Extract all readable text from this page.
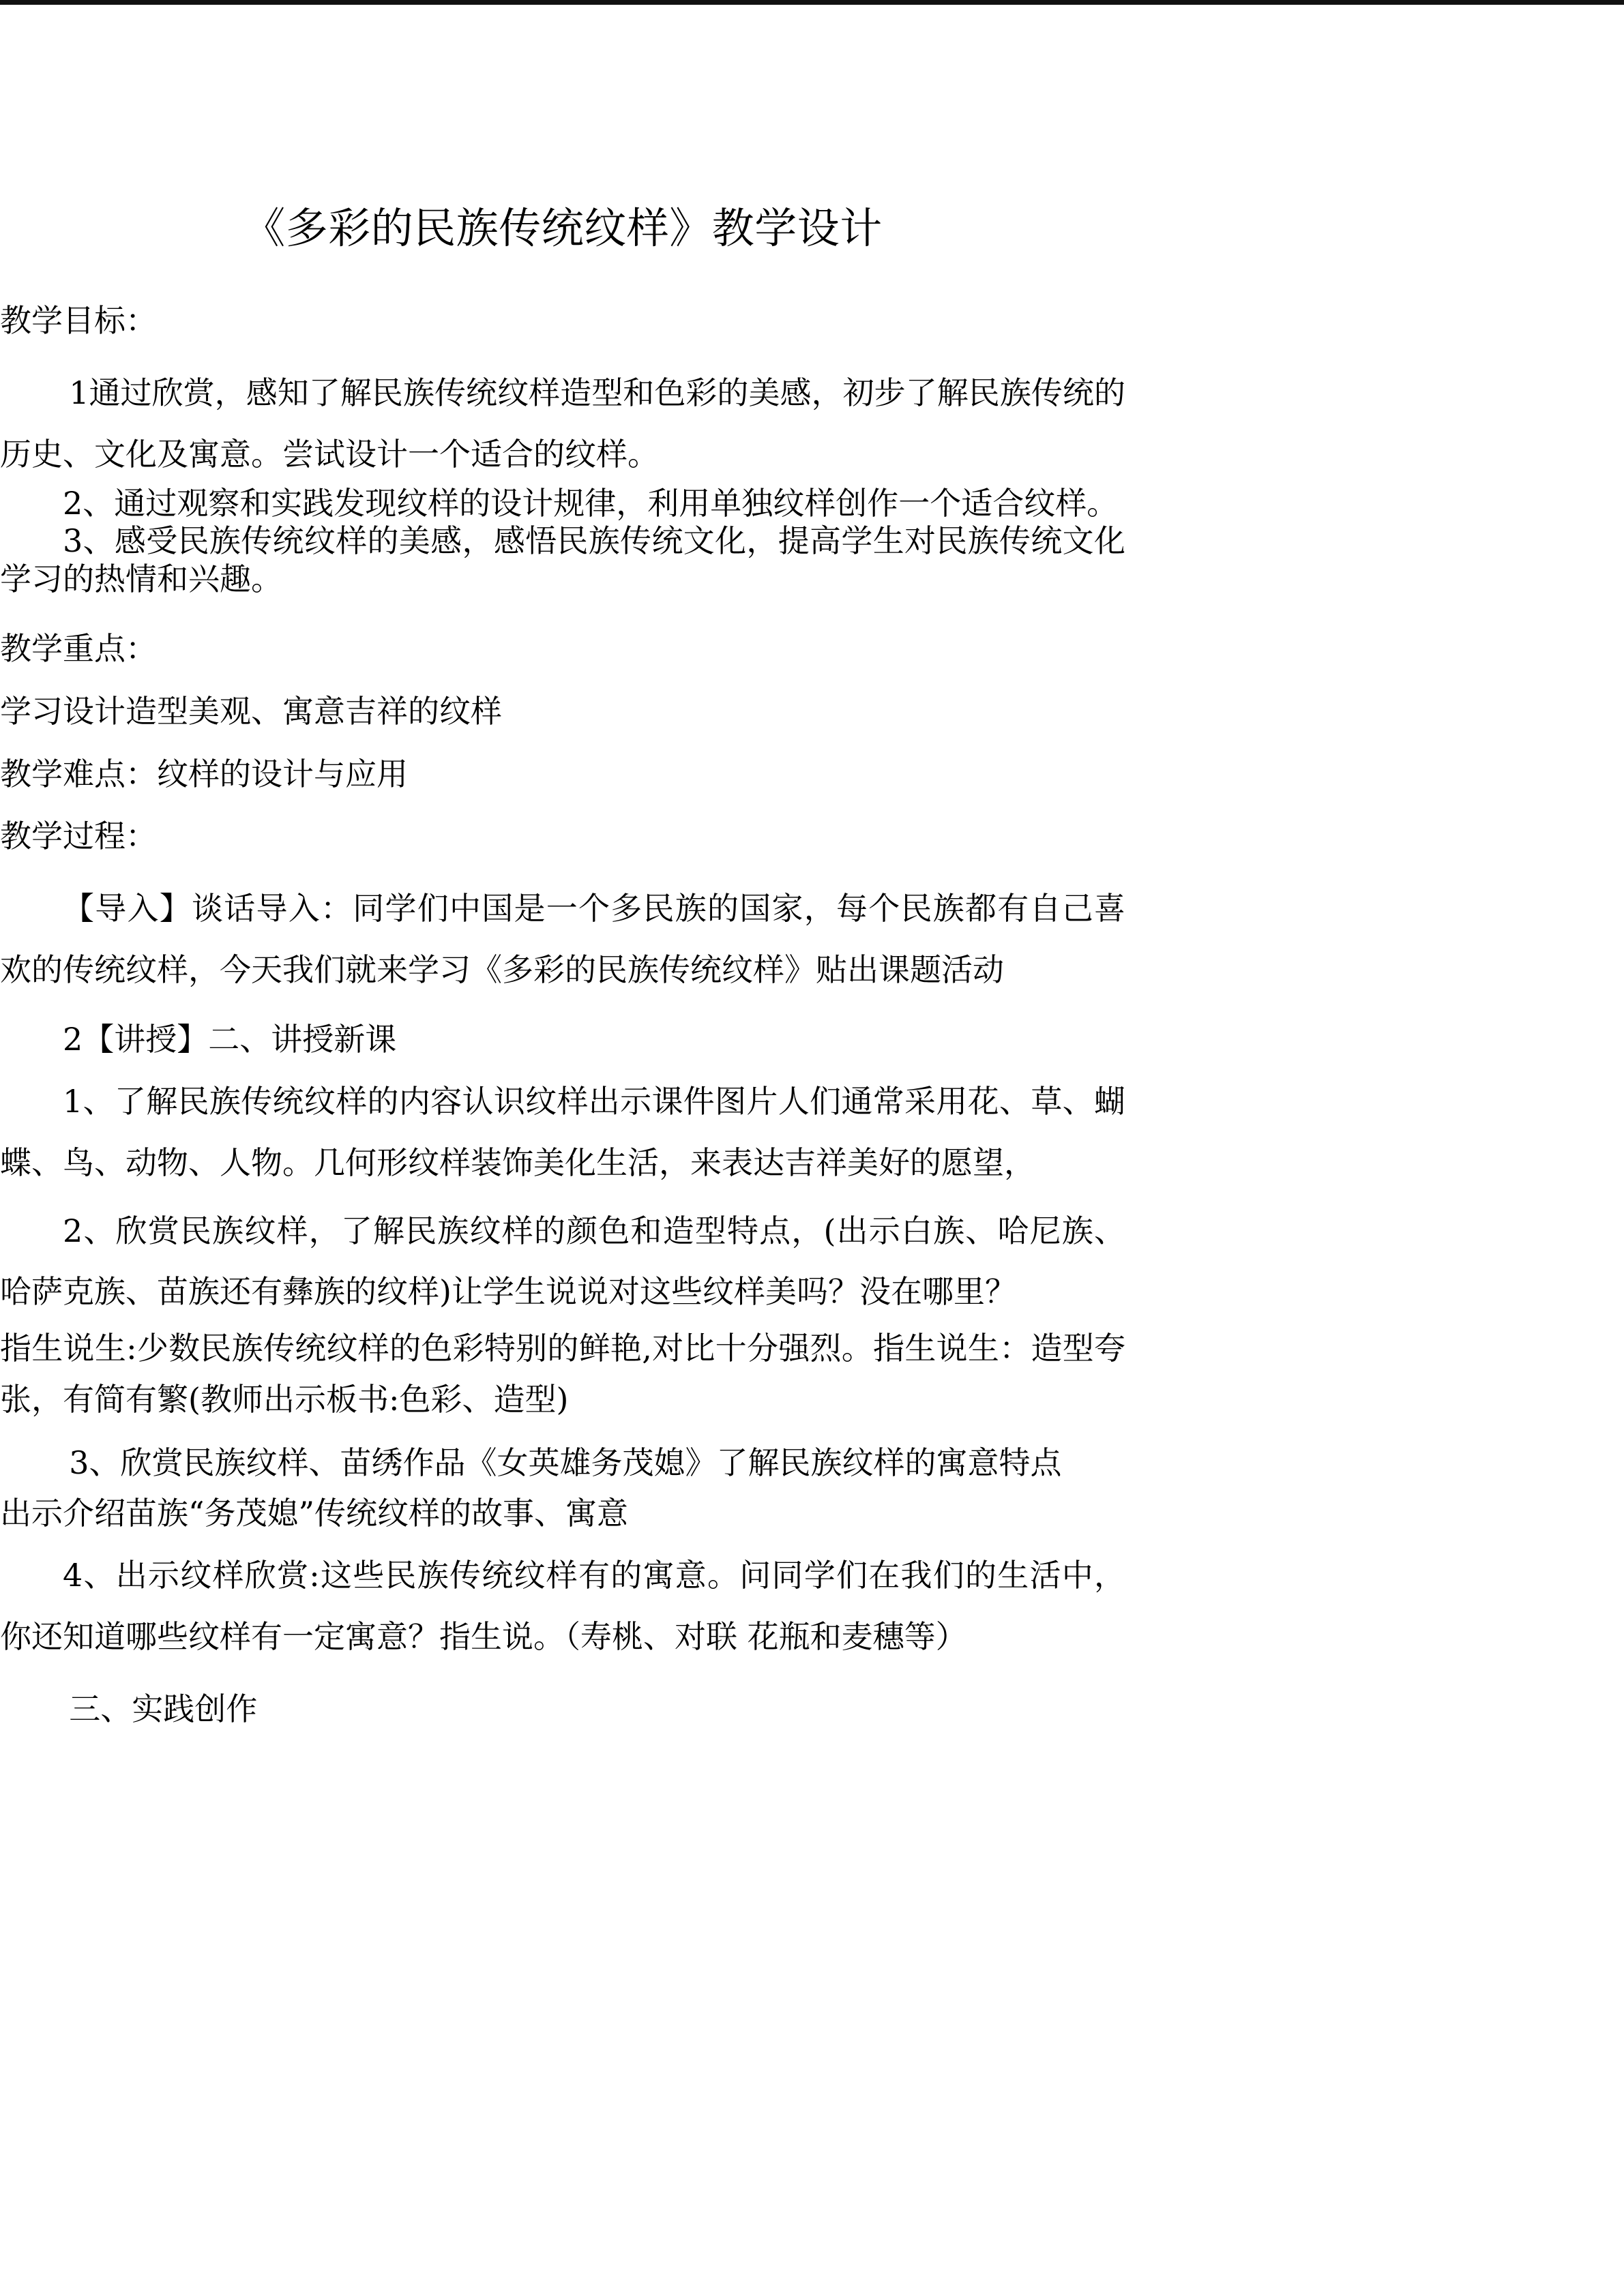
《多彩的民族传统纹样》教学设计

教学目标：

1通过欣赏，感知了解民族传统纹样造型和色彩的美感，初步了解民族传统的历史、文化及寓意。尝试设计一个适合的纹样。

2、通过观察和实践发现纹样的设计规律，利用单独纹样创作一个适合纹样。

3、感受民族传统纹样的美感，感悟民族传统文化，提高学生对民族传统文化学习的热情和兴趣。

教学重点：

学习设计造型美观、寓意吉祥的纹样

教学难点：纹样的设计与应用

教学过程：

【导入】谈话导入：同学们中国是一个多民族的国家，每个民族都有自己喜欢的传统纹样，今天我们就来学习《多彩的民族传统纹样》贴出课题活动

2【讲授】二、讲授新课

1、了解民族传统纹样的内容认识纹样出示课件图片人们通常采用花、草、蝴蝶、鸟、动物、人物。几何形纹样装饰美化生活，来表达吉祥美好的愿望，

2、欣赏民族纹样，了解民族纹样的颜色和造型特点，(出示白族、哈尼族、哈萨克族、苗族还有彝族的纹样)让学生说说对这些纹样美吗？没在哪里？

指生说生:少数民族传统纹样的色彩特别的鲜艳,对比十分强烈。指生说生：造型夸张，有简有繁(教师出示板书:色彩、造型)

3、欣赏民族纹样、苗绣作品《女英雄务茂媳》了解民族纹样的寓意特点

出示介绍苗族“务茂媳”传统纹样的故事、寓意

4、出示纹样欣赏:这些民族传统纹样有的寓意。问同学们在我们的生活中，你还知道哪些纹样有一定寓意？指生说。（寿桃、对联 花瓶和麦穗等）

三、实践创作
